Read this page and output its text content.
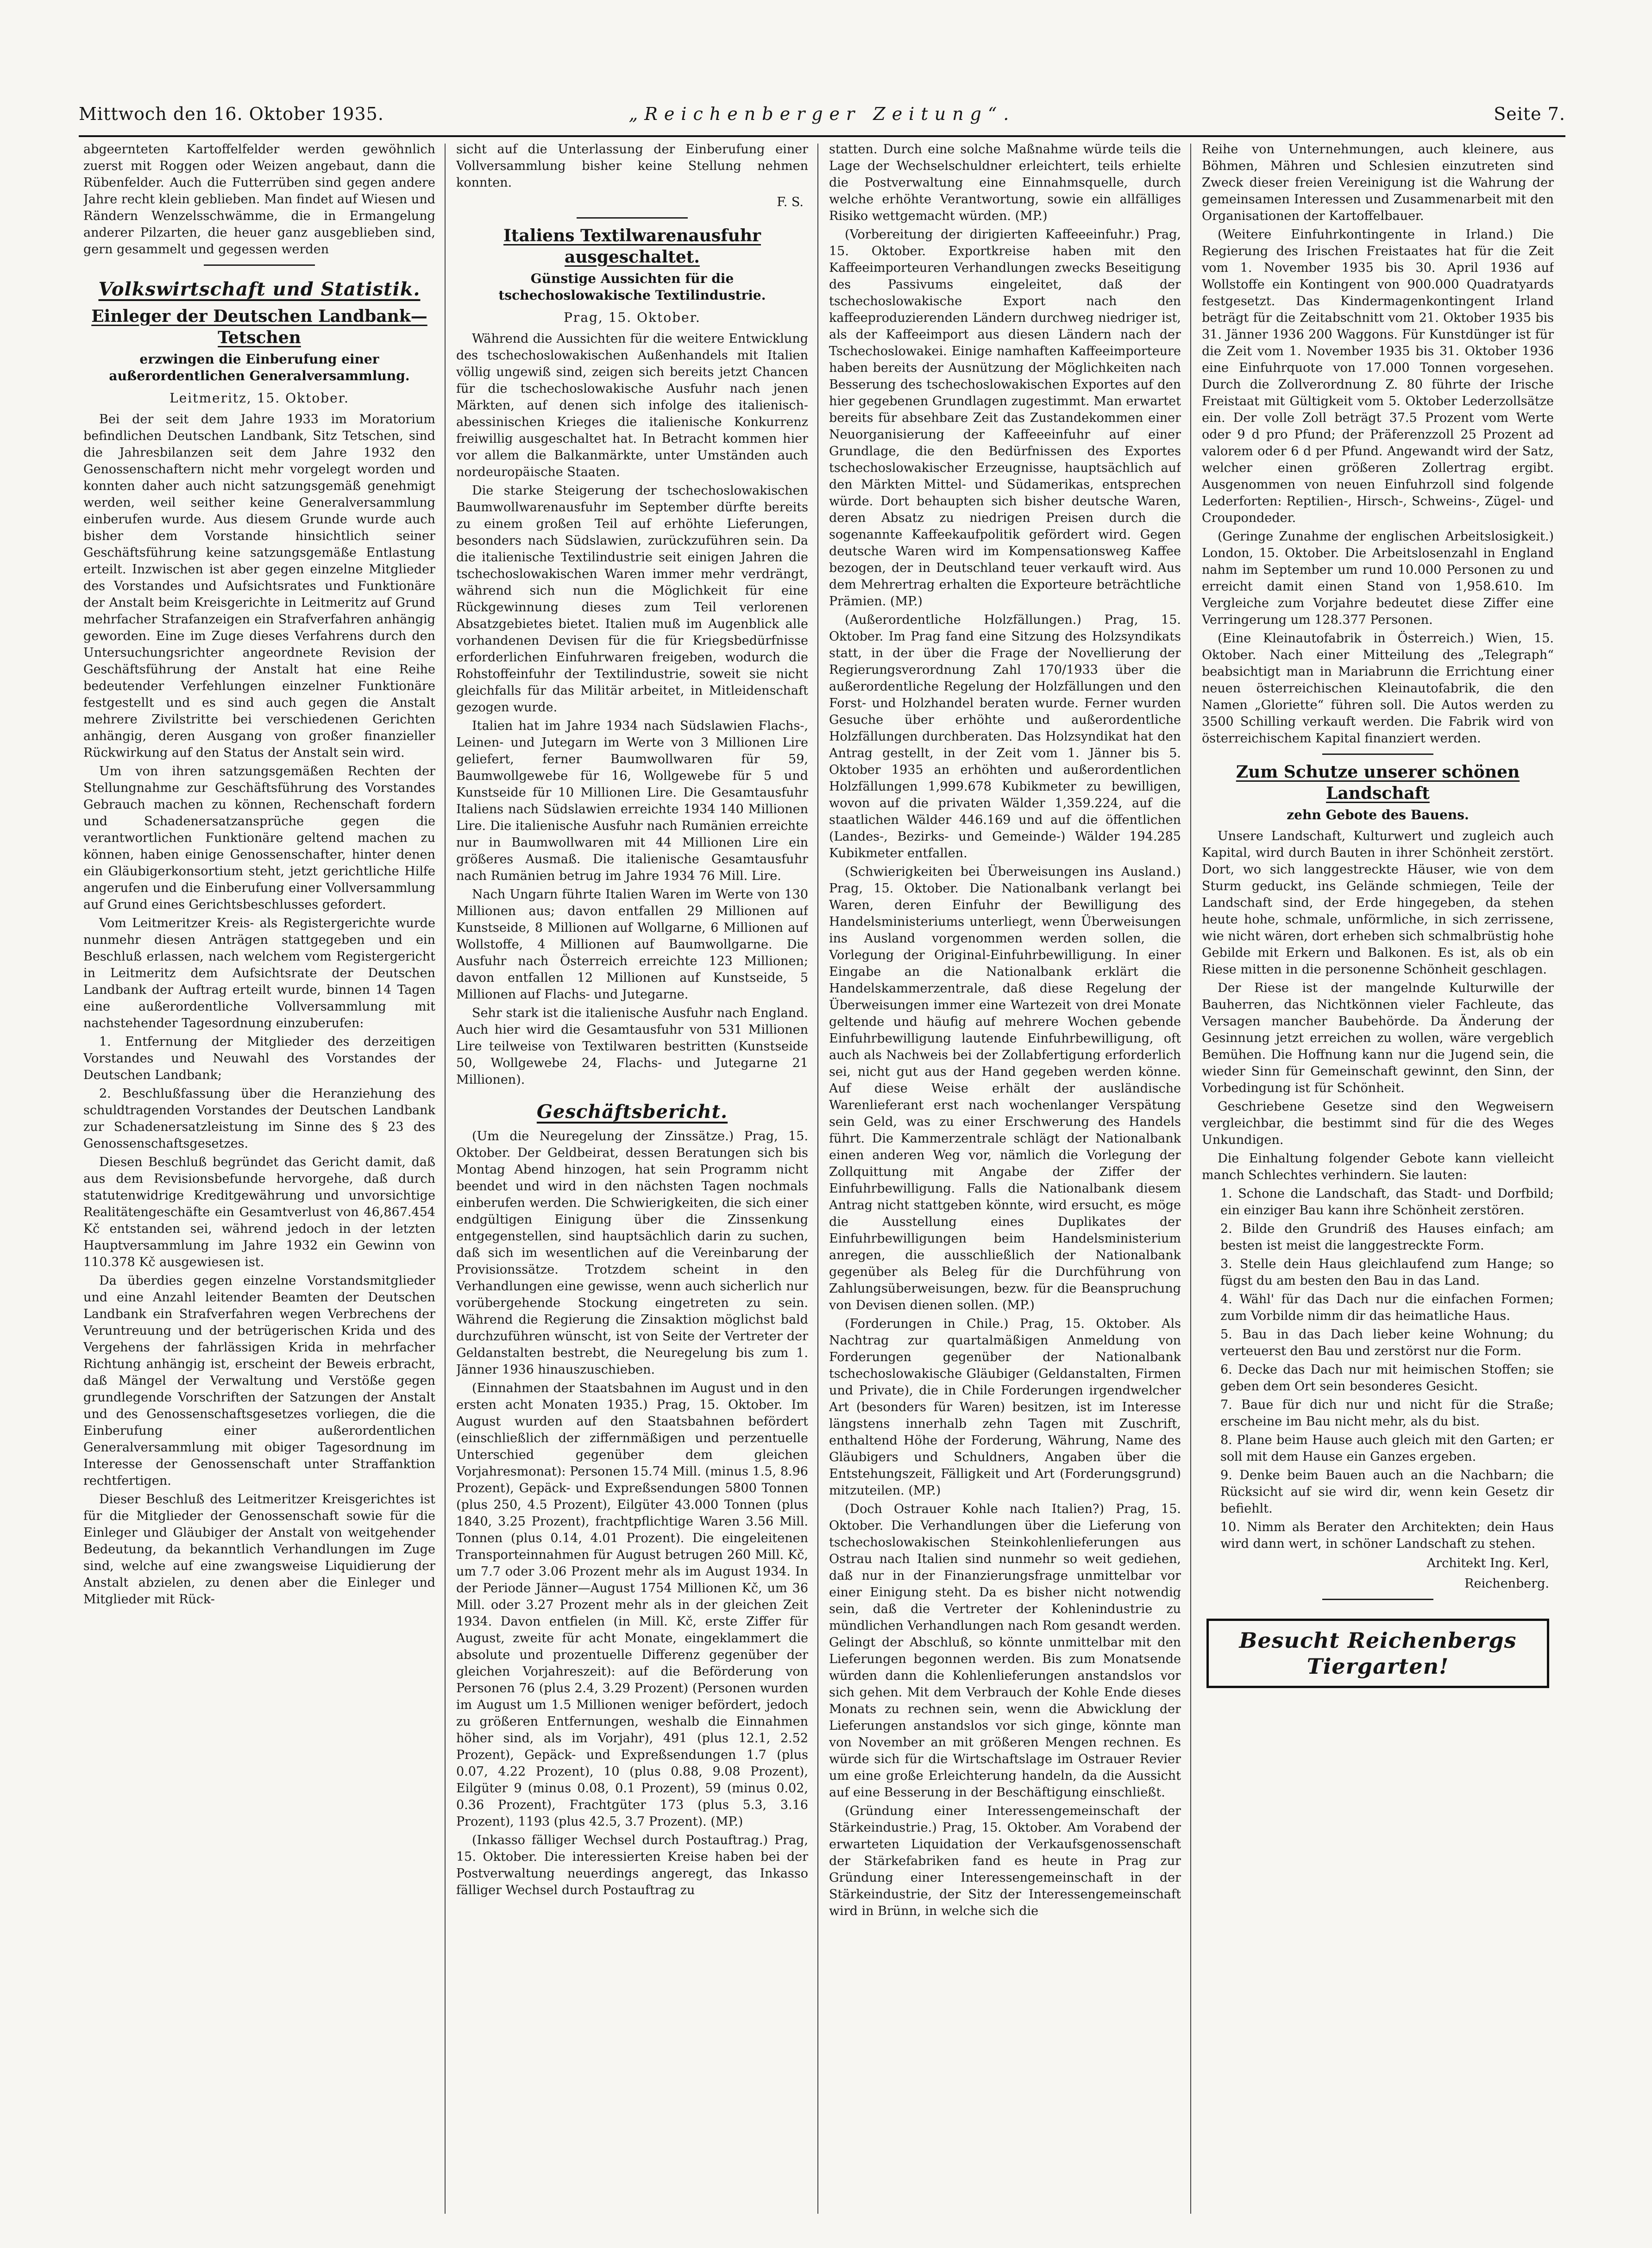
Mittwoch den 16. Oktober 1935.	„Reichenberger Zeitung“.	Seite 7.

abgeernteten Kartoffelfelder werden gewöhnlich zuerst mit Roggen oder Weizen angebaut, dann die Rübenfelder. Auch die Futterrüben sind gegen andere Jahre recht klein geblieben. Man findet auf Wiesen und Rändern Wenzelsschwämme, die in Ermangelung anderer Pilzarten, die heuer ganz ausgeblieben sind, gern gesammelt und gegessen werden

Volkswirtschaft und Statistik.
Einleger der Deutschen Landbank—Tetschen
erzwingen die Einberufung einer außerordentlichen Generalversammlung.
Leitmeritz, 15. Oktober.

Bei der seit dem Jahre 1933 im Moratorium befindlichen Deutschen Landbank, Sitz Tetschen, sind die Jahresbilanzen seit dem Jahre 1932 den Genossenschaftern nicht mehr vorgelegt worden und konnten daher auch nicht satzungsgemäß genehmigt werden, weil seither keine Generalversammlung einberufen wurde. Aus diesem Grunde wurde auch bisher dem Vorstande hinsichtlich seiner Geschäftsführung keine satzungsgemäße Entlastung erteilt. Inzwischen ist aber gegen einzelne Mitglieder des Vorstandes und Aufsichtsrates und Funktionäre der Anstalt beim Kreisgerichte in Leitmeritz auf Grund mehrfacher Strafanzeigen ein Strafverfahren anhängig geworden. Eine im Zuge dieses Verfahrens durch den Untersuchungsrichter angeordnete Revision der Geschäftsführung der Anstalt hat eine Reihe bedeutender Verfehlungen einzelner Funktionäre festgestellt und es sind auch gegen die Anstalt mehrere Zivilstritte bei verschiedenen Gerichten anhängig, deren Ausgang von großer finanzieller Rückwirkung auf den Status der Anstalt sein wird.

Um von ihren satzungsgemäßen Rechten der Stellungnahme zur Geschäftsführung des Vorstandes Gebrauch machen zu können, Rechenschaft fordern und Schadenersatzansprüche gegen die verantwortlichen Funktionäre geltend machen zu können, haben einige Genossenschafter, hinter denen ein Gläubigerkonsortium steht, jetzt gerichtliche Hilfe angerufen und die Einberufung einer Vollversammlung auf Grund eines Gerichtsbeschlusses gefordert.

Vom Leitmeritzer Kreis- als Registergerichte wurde nunmehr diesen Anträgen stattgegeben und ein Beschluß erlassen, nach welchem vom Registergericht in Leitmeritz dem Aufsichtsrate der Deutschen Landbank der Auftrag erteilt wurde, binnen 14 Tagen eine außerordentliche Vollversammlung mit nachstehender Tagesordnung einzuberufen:

1. Entfernung der Mitglieder des derzeitigen Vorstandes und Neuwahl des Vorstandes der Deutschen Landbank;

2. Beschlußfassung über die Heranziehung des schuldtragenden Vorstandes der Deutschen Landbank zur Schadenersatzleistung im Sinne des § 23 des Genossenschaftsgesetzes.

Diesen Beschluß begründet das Gericht damit, daß aus dem Revisionsbefunde hervorgehe, daß durch statutenwidrige Kreditgewährung und unvorsichtige Realitätengeschäfte ein Gesamtverlust von 46,867.454 Kč entstanden sei, während jedoch in der letzten Hauptversammlung im Jahre 1932 ein Gewinn von 110.378 Kč ausgewiesen ist.

Da überdies gegen einzelne Vorstandsmitglieder und eine Anzahl leitender Beamten der Deutschen Landbank ein Strafverfahren wegen Verbrechens der Veruntreuung und der betrügerischen Krida und des Vergehens der fahrlässigen Krida in mehrfacher Richtung anhängig ist, erscheint der Beweis erbracht, daß Mängel der Verwaltung und Verstöße gegen grundlegende Vorschriften der Satzungen der Anstalt und des Genossenschaftsgesetzes vorliegen, die die Einberufung einer außerordentlichen Generalversammlung mit obiger Tagesordnung im Interesse der Genossenschaft unter Straffanktion rechtfertigen.

Dieser Beschluß des Leitmeritzer Kreisgerichtes ist für die Mitglieder der Genossenschaft sowie für die Einleger und Gläubiger der Anstalt von weitgehender Bedeutung, da bekanntlich Verhandlungen im Zuge sind, welche auf eine zwangsweise Liquidierung der Anstalt abzielen, zu denen aber die Einleger und Mitglieder mit Rück-

sicht auf die Unterlassung der Einberufung einer Vollversammlung bisher keine Stellung nehmen konnten.

F. S.
Italiens Textilwarenausfuhr ausgeschaltet.
Günstige Aussichten für die tschechoslowakische Textilindustrie.
Prag, 15. Oktober.

Während die Aussichten für die weitere Entwicklung des tschechoslowakischen Außenhandels mit Italien völlig ungewiß sind, zeigen sich bereits jetzt Chancen für die tschechoslowakische Ausfuhr nach jenen Märkten, auf denen sich infolge des italienisch-abessinischen Krieges die italienische Konkurrenz freiwillig ausgeschaltet hat. In Betracht kommen hier vor allem die Balkanmärkte, unter Umständen auch nordeuropäische Staaten.

Die starke Steigerung der tschechoslowakischen Baumwollwarenausfuhr im September dürfte bereits zu einem großen Teil auf erhöhte Lieferungen, besonders nach Südslawien, zurückzuführen sein. Da die italienische Textilindustrie seit einigen Jahren die tschechoslowakischen Waren immer mehr verdrängt, während sich nun die Möglichkeit für eine Rückgewinnung dieses zum Teil verlorenen Absatzgebietes bietet. Italien muß im Augenblick alle vorhandenen Devisen für die für Kriegsbedürfnisse erforderlichen Einfuhrwaren freigeben, wodurch die Rohstoffeinfuhr der Textilindustrie, soweit sie nicht gleichfalls für das Militär arbeitet, in Mitleidenschaft gezogen wurde.

Italien hat im Jahre 1934 nach Südslawien Flachs-, Leinen- und Jutegarn im Werte von 3 Millionen Lire geliefert, ferner Baumwollwaren für 59, Baumwollgewebe für 16, Wollgewebe für 5 und Kunstseide für 10 Millionen Lire. Die Gesamtausfuhr Italiens nach Südslawien erreichte 1934 140 Millionen Lire. Die italienische Ausfuhr nach Rumänien erreichte nur in Baumwollwaren mit 44 Millionen Lire ein größeres Ausmaß. Die italienische Gesamtausfuhr nach Rumänien betrug im Jahre 1934 76 Mill. Lire.

Nach Ungarn führte Italien Waren im Werte von 130 Millionen aus; davon entfallen 29 Millionen auf Kunstseide, 8 Millionen auf Wollgarne, 6 Millionen auf Wollstoffe, 4 Millionen auf Baumwollgarne. Die Ausfuhr nach Österreich erreichte 123 Millionen; davon entfallen 12 Millionen auf Kunstseide, 5 Millionen auf Flachs- und Jutegarne.

Sehr stark ist die italienische Ausfuhr nach England. Auch hier wird die Gesamtausfuhr von 531 Millionen Lire teilweise von Textilwaren bestritten (Kunstseide 50, Wollgewebe 24, Flachs- und Jutegarne 21 Millionen).

Geschäftsbericht.

(Um die Neuregelung der Zinssätze.) Prag, 15. Oktober. Der Geldbeirat, dessen Beratungen sich bis Montag Abend hinzogen, hat sein Programm nicht beendet und wird in den nächsten Tagen nochmals einberufen werden. Die Schwierigkeiten, die sich einer endgültigen Einigung über die Zinssenkung entgegenstellen, sind hauptsächlich darin zu suchen, daß sich im wesentlichen auf die Vereinbarung der Provisionssätze. Trotzdem scheint in den Verhandlungen eine gewisse, wenn auch sicherlich nur vorübergehende Stockung eingetreten zu sein. Während die Regierung die Zinsaktion möglichst bald durchzuführen wünscht, ist von Seite der Vertreter der Geldanstalten bestrebt, die Neuregelung bis zum 1. Jänner 1936 hinauszuschieben.

(Einnahmen der Staatsbahnen im August und in den ersten acht Monaten 1935.) Prag, 15. Oktober. Im August wurden auf den Staatsbahnen befördert (einschließlich der ziffernmäßigen und perzentuelle Unterschied gegenüber dem gleichen Vorjahresmonat): Personen 15.74 Mill. (minus 1.5, 8.96 Prozent), Gepäck- und Expreßsendungen 5800 Tonnen (plus 250, 4.5 Prozent), Eilgüter 43.000 Tonnen (plus 1840, 3.25 Prozent), frachtpflichtige Waren 3.56 Mill. Tonnen (plus 0.14, 4.01 Prozent). Die eingeleitenen Transporteinnahmen für August betrugen 260 Mill. Kč, um 7.7 oder 3.06 Prozent mehr als im August 1934. In der Periode Jänner—August 1754 Millionen Kč, um 36 Mill. oder 3.27 Prozent mehr als in der gleichen Zeit 1934. Davon entfielen (in Mill. Kč, erste Ziffer für August, zweite für acht Monate, eingeklammert die absolute und prozentuelle Differenz gegenüber der gleichen Vorjahreszeit): auf die Beförderung von Personen 76 (plus 2.4, 3.29 Prozent) (Personen wurden im August um 1.5 Millionen weniger befördert, jedoch zu größeren Entfernungen, weshalb die Einnahmen höher sind, als im Vorjahr), 491 (plus 12.1, 2.52 Prozent), Gepäck- und Expreßsendungen 1.7 (plus 0.07, 4.22 Prozent), 10 (plus 0.88, 9.08 Prozent), Eilgüter 9 (minus 0.08, 0.1 Prozent), 59 (minus 0.02, 0.36 Prozent), Frachtgüter 173 (plus 5.3, 3.16 Prozent), 1193 (plus 42.5, 3.7 Prozent). (MP.)

(Inkasso fälliger Wechsel durch Postauftrag.) Prag, 15. Oktober. Die interessierten Kreise haben bei der Postverwaltung neuerdings angeregt, das Inkasso fälliger Wechsel durch Postauftrag zu

statten. Durch eine solche Maßnahme würde teils die Lage der Wechselschuldner erleichtert, teils erhielte die Postverwaltung eine Einnahmsquelle, durch welche erhöhte Verantwortung, sowie ein allfälliges Risiko wettgemacht würden. (MP.)

(Vorbereitung der dirigierten Kaffeeeinfuhr.) Prag, 15. Oktober. Exportkreise haben mit den Kaffeeimporteuren Verhandlungen zwecks Beseitigung des Passivums eingeleitet, daß der tschechoslowakische Export nach den kaffeeproduzierenden Ländern durchweg niedriger ist, als der Kaffeeimport aus diesen Ländern nach der Tschechoslowakei. Einige namhaften Kaffeeimporteure haben bereits der Ausnützung der Möglichkeiten nach Besserung des tschechoslowakischen Exportes auf den hier gegebenen Grundlagen zugestimmt. Man erwartet bereits für absehbare Zeit das Zustandekommen einer Neuorganisierung der Kaffeeeinfuhr auf einer Grundlage, die den Bedürfnissen des Exportes tschechoslowakischer Erzeugnisse, hauptsächlich auf den Märkten Mittel- und Südamerikas, entsprechen würde. Dort behaupten sich bisher deutsche Waren, deren Absatz zu niedrigen Preisen durch die sogenannte Kaffeekaufpolitik gefördert wird. Gegen deutsche Waren wird im Kompensationsweg Kaffee bezogen, der in Deutschland teuer verkauft wird. Aus dem Mehrertrag erhalten die Exporteure beträchtliche Prämien. (MP.)

(Außerordentliche Holzfällungen.) Prag, 15. Oktober. Im Prag fand eine Sitzung des Holzsyndikats statt, in der über die Frage der Novellierung der Regierungsverordnung Zahl 170/1933 über die außerordentliche Regelung der Holzfällungen und den Forst- und Holzhandel beraten wurde. Ferner wurden Gesuche über erhöhte und außerordentliche Holzfällungen durchberaten. Das Holzsyndikat hat den Antrag gestellt, in der Zeit vom 1. Jänner bis 5. Oktober 1935 an erhöhten und außerordentlichen Holzfällungen 1,999.678 Kubikmeter zu bewilligen, wovon auf die privaten Wälder 1,359.224, auf die staatlichen Wälder 446.169 und auf die öffentlichen (Landes-, Bezirks- und Gemeinde-) Wälder 194.285 Kubikmeter entfallen.

(Schwierigkeiten bei Überweisungen ins Ausland.) Prag, 15. Oktober. Die Nationalbank verlangt bei Waren, deren Einfuhr der Bewilligung des Handelsministeriums unterliegt, wenn Überweisungen ins Ausland vorgenommen werden sollen, die Vorlegung der Original-Einfuhrbewilligung. In einer Eingabe an die Nationalbank erklärt die Handelskammerzentrale, daß diese Regelung der Überweisungen immer eine Wartezeit von drei Monate geltende und häufig auf mehrere Wochen gebende Einfuhrbewilligung lautende Einfuhrbewilligung, oft auch als Nachweis bei der Zollabfertigung erforderlich sei, nicht gut aus der Hand gegeben werden könne. Auf diese Weise erhält der ausländische Warenlieferant erst nach wochenlanger Verspätung sein Geld, was zu einer Erschwerung des Handels führt. Die Kammerzentrale schlägt der Nationalbank einen anderen Weg vor, nämlich die Vorlegung der Zollquittung mit Angabe der Ziffer der Einfuhrbewilligung. Falls die Nationalbank diesem Antrag nicht stattgeben könnte, wird ersucht, es möge die Ausstellung eines Duplikates der Einfuhrbewilligungen beim Handelsministerium anregen, die ausschließlich der Nationalbank gegenüber als Beleg für die Durchführung von Zahlungsüberweisungen, bezw. für die Beanspruchung von Devisen dienen sollen. (MP.)

(Forderungen in Chile.) Prag, 15. Oktober. Als Nachtrag zur quartalmäßigen Anmeldung von Forderungen gegenüber der Nationalbank tschechoslowakische Gläubiger (Geldanstalten, Firmen und Private), die in Chile Forderungen irgendwelcher Art (besonders für Waren) besitzen, ist im Interesse längstens innerhalb zehn Tagen mit Zuschrift, enthaltend Höhe der Forderung, Währung, Name des Gläubigers und Schuldners, Angaben über die Entstehungszeit, Fälligkeit und Art (Forderungsgrund) mitzuteilen. (MP.)

(Doch Ostrauer Kohle nach Italien?) Prag, 15. Oktober. Die Verhandlungen über die Lieferung von tschechoslowakischen Steinkohlenlieferungen aus Ostrau nach Italien sind nunmehr so weit gediehen, daß nur in der Finanzierungsfrage unmittelbar vor einer Einigung steht. Da es bisher nicht notwendig sein, daß die Vertreter der Kohlenindustrie zu mündlichen Verhandlungen nach Rom gesandt werden. Gelingt der Abschluß, so könnte unmittelbar mit den Lieferungen begonnen werden. Bis zum Monatsende würden dann die Kohlenlieferungen anstandslos vor sich gehen. Mit dem Verbrauch der Kohle Ende dieses Monats zu rechnen sein, wenn die Abwicklung der Lieferungen anstandslos vor sich ginge, könnte man von November an mit größeren Mengen rechnen. Es würde sich für die Wirtschaftslage im Ostrauer Revier um eine große Erleichterung handeln, da die Aussicht auf eine Besserung in der Beschäftigung einschließt.

(Gründung einer Interessengemeinschaft der Stärkeindustrie.) Prag, 15. Oktober. Am Vorabend der erwarteten Liquidation der Verkaufsgenossenschaft der Stärkefabriken fand es heute in Prag zur Gründung einer Interessengemeinschaft in der Stärkeindustrie, der Sitz der Interessengemeinschaft wird in Brünn, in welche sich die

Reihe von Unternehmungen, auch kleinere, aus Böhmen, Mähren und Schlesien einzutreten sind Zweck dieser freien Vereinigung ist die Wahrung der gemeinsamen Interessen und Zusammenarbeit mit den Organisationen der Kartoffelbauer.

(Weitere Einfuhrkontingente in Irland.) Die Regierung des Irischen Freistaates hat für die Zeit vom 1. November 1935 bis 30. April 1936 auf Wollstoffe ein Kontingent von 900.000 Quadratyards festgesetzt. Das Kindermagenkontingent Irland beträgt für die Zeitabschnitt vom 21. Oktober 1935 bis 31. Jänner 1936 200 Waggons. Für Kunstdünger ist für die Zeit vom 1. November 1935 bis 31. Oktober 1936 eine Einfuhrquote von 17.000 Tonnen vorgesehen. Durch die Zollverordnung Z. 80 führte der Irische Freistaat mit Gültigkeit vom 5. Oktober Lederzollsätze ein. Der volle Zoll beträgt 37.5 Prozent vom Werte oder 9 d pro Pfund; der Präferenzzoll 25 Prozent ad valorem oder 6 d per Pfund. Angewandt wird der Satz, welcher einen größeren Zollertrag ergibt. Ausgenommen von neuen Einfuhrzoll sind folgende Lederforten: Reptilien-, Hirsch-, Schweins-, Zügel- und Croupondeder.

(Geringe Zunahme der englischen Arbeitslosigkeit.) London, 15. Oktober. Die Arbeitslosenzahl in England nahm im September um rund 10.000 Personen zu und erreicht damit einen Stand von 1,958.610. Im Vergleiche zum Vorjahre bedeutet diese Ziffer eine Verringerung um 128.377 Personen.

(Eine Kleinautofabrik in Österreich.) Wien, 15. Oktober. Nach einer Mitteilung des „Telegraph“ beabsichtigt man in Mariabrunn die Errichtung einer neuen österreichischen Kleinautofabrik, die den Namen „Gloriette“ führen soll. Die Autos werden zu 3500 Schilling verkauft werden. Die Fabrik wird von österreichischem Kapital finanziert werden.

Zum Schutze unserer schönen Landschaft
zehn Gebote des Bauens.

Unsere Landschaft, Kulturwert und zugleich auch Kapital, wird durch Bauten in ihrer Schönheit zerstört. Dort, wo sich langgestreckte Häuser, wie von dem Sturm geduckt, ins Gelände schmiegen, Teile der Landschaft sind, der Erde hingegeben, da stehen heute hohe, schmale, unförmliche, in sich zerrissene, wie nicht wären, dort erheben sich schmalbrüstig hohe Gebilde mit Erkern und Balkonen. Es ist, als ob ein Riese mitten in die personenne Schönheit geschlagen.

Der Riese ist der mangelnde Kulturwille der Bauherren, das Nichtkönnen vieler Fachleute, das Versagen mancher Baubehörde. Da Änderung der Gesinnung jetzt erreichen zu wollen, wäre vergeblich Bemühen. Die Hoffnung kann nur die Jugend sein, die wieder Sinn für Gemeinschaft gewinnt, den Sinn, der Vorbedingung ist für Schönheit.

Geschriebene Gesetze sind den Wegweisern vergleichbar, die bestimmt sind für die des Weges Unkundigen.

Die Einhaltung folgender Gebote kann vielleicht manch Schlechtes verhindern. Sie lauten:

1. Schone die Landschaft, das Stadt- und Dorfbild; ein einziger Bau kann ihre Schönheit zerstören.

2. Bilde den Grundriß des Hauses einfach; am besten ist meist die langgestreckte Form.

3. Stelle dein Haus gleichlaufend zum Hange; so fügst du am besten den Bau in das Land.

4. Wähl' für das Dach nur die einfachen Formen; zum Vorbilde nimm dir das heimatliche Haus.

5. Bau in das Dach lieber keine Wohnung; du verteuerst den Bau und zerstörst nur die Form.

6. Decke das Dach nur mit heimischen Stoffen; sie geben dem Ort sein besonderes Gesicht.

7. Baue für dich nur und nicht für die Straße; erscheine im Bau nicht mehr, als du bist.

8. Plane beim Hause auch gleich mit den Garten; er soll mit dem Hause ein Ganzes ergeben.

9. Denke beim Bauen auch an die Nachbarn; die Rücksicht auf sie wird dir, wenn kein Gesetz dir befiehlt.

10. Nimm als Berater den Architekten; dein Haus wird dann wert, in schöner Landschaft zu stehen.

Architekt Ing. Kerl,
Reichenberg.
Besucht Reichenbergs Tiergarten!
